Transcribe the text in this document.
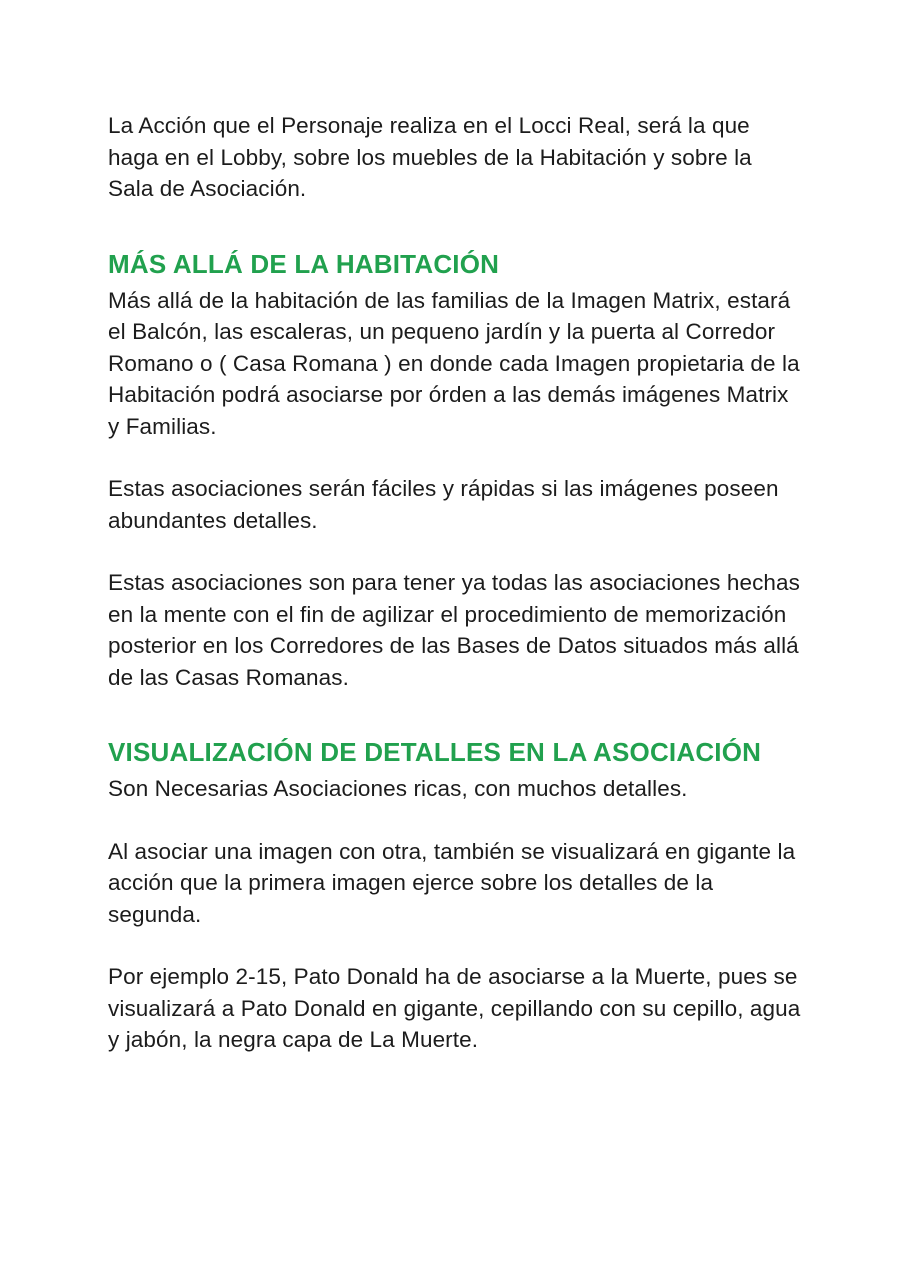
La Acción que el Personaje realiza en el Locci Real, será la que haga en el Lobby, sobre los muebles de la Habitación y sobre la Sala de Asociación.

MÁS ALLÁ DE LA HABITACIÓN

Más allá de la habitación de las familias de la Imagen Matrix, estará el Balcón, las escaleras, un pequeno jardín y la puerta al Corredor Romano o ( Casa Romana ) en donde cada Imagen propietaria de la Habitación podrá asociarse por órden a las demás imágenes Matrix y Familias.

Estas asociaciones serán fáciles y rápidas si las imágenes poseen abundantes detalles.

Estas asociaciones son para tener ya todas las asociaciones hechas en la mente con el fin de agilizar el procedimiento de memorización posterior en los Corredores de las Bases de Datos situados más allá de las Casas Romanas.

VISUALIZACIÓN DE DETALLES EN LA ASOCIACIÓN

Son Necesarias Asociaciones ricas, con muchos detalles.

Al asociar una imagen con otra, también se visualizará en gigante la acción que la primera imagen ejerce sobre los detalles de la segunda.

Por ejemplo 2-15, Pato Donald ha de asociarse a la Muerte, pues se visualizará a Pato Donald en gigante, cepillando con su cepillo, agua y jabón, la negra capa de La Muerte.
